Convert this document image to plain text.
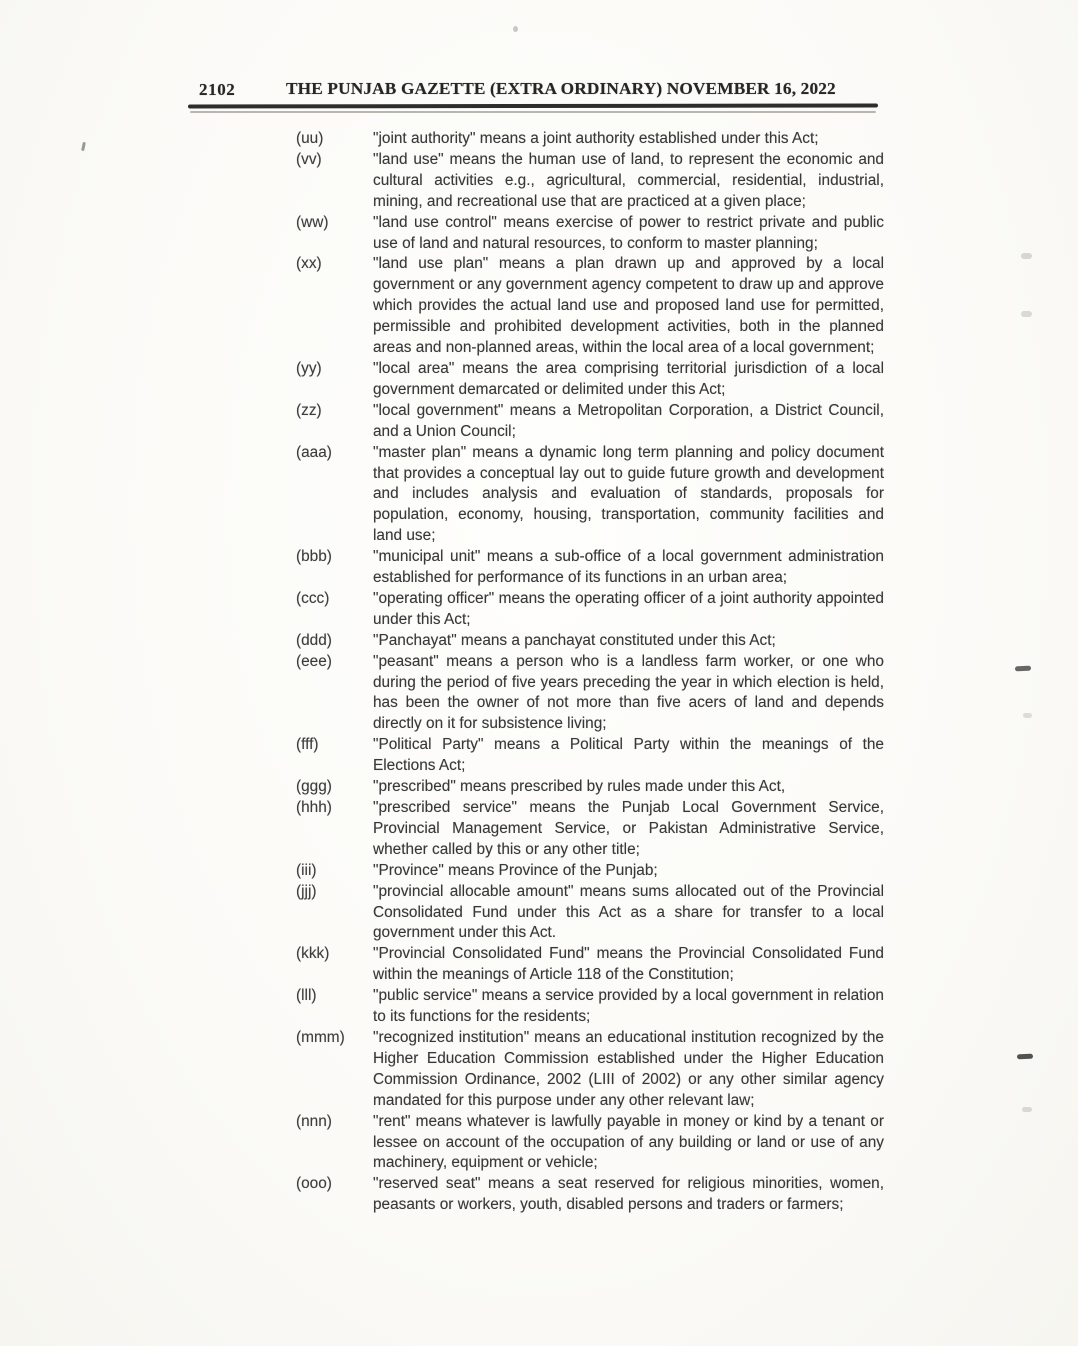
2102	THE PUNJAB GAZETTE (EXTRA ORDINARY) NOVEMBER 16, 2022
(uu)	"joint authority" means a joint authority established under this Act;
(vv)	"land use" means the human use of land, to represent the economic and cultural activities e.g., agricultural, commercial, residential, industrial, mining, and recreational use that are practiced at a given place;
(ww)	"land use control" means exercise of power to restrict private and public use of land and natural resources, to conform to master planning;
(xx)	"land use plan" means a plan drawn up and approved by a local government or any government agency competent to draw up and approve which provides the actual land use and proposed land use for permitted, permissible and prohibited development activities, both in the planned areas and non-planned areas, within the local area of a local government;
(yy)	"local area" means the area comprising territorial jurisdiction of a local government demarcated or delimited under this Act;
(zz)	"local government" means a Metropolitan Corporation, a District Council, and a Union Council;
(aaa)	"master plan" means a dynamic long term planning and policy document that provides a conceptual lay out to guide future growth and development and includes analysis and evaluation of standards, proposals for population, economy, housing, transportation, community facilities and land use;
(bbb)	"municipal unit" means a sub-office of a local government administration established for performance of its functions in an urban area;
(ccc)	"operating officer" means the operating officer of a joint authority appointed under this Act;
(ddd)	"Panchayat" means a panchayat constituted under this Act;
(eee)	"peasant" means a person who is a landless farm worker, or one who during the period of five years preceding the year in which election is held, has been the owner of not more than five acers of land and depends directly on it for subsistence living;
(fff)	"Political Party" means a Political Party within the meanings of the Elections Act;
(ggg)	"prescribed" means prescribed by rules made under this Act,
(hhh)	"prescribed service" means the Punjab Local Government Service, Provincial Management Service, or Pakistan Administrative Service, whether called by this or any other title;
(iii)	"Province" means Province of the Punjab;
(jjj)	"provincial allocable amount" means sums allocated out of the Provincial Consolidated Fund under this Act as a share for transfer to a local government under this Act.
(kkk)	"Provincial Consolidated Fund" means the Provincial Consolidated Fund within the meanings of Article 118 of the Constitution;
(lll)	"public service" means a service provided by a local government in relation to its functions for the residents;
(mmm)	"recognized institution" means an educational institution recognized by the Higher Education Commission established under the Higher Education Commission Ordinance, 2002 (LIII of 2002) or any other similar agency mandated for this purpose under any other relevant law;
(nnn)	"rent" means whatever is lawfully payable in money or kind by a tenant or lessee on account of the occupation of any building or land or use of any machinery, equipment or vehicle;
(ooo)	"reserved seat" means a seat reserved for religious minorities, women, peasants or workers, youth, disabled persons and traders or farmers;
